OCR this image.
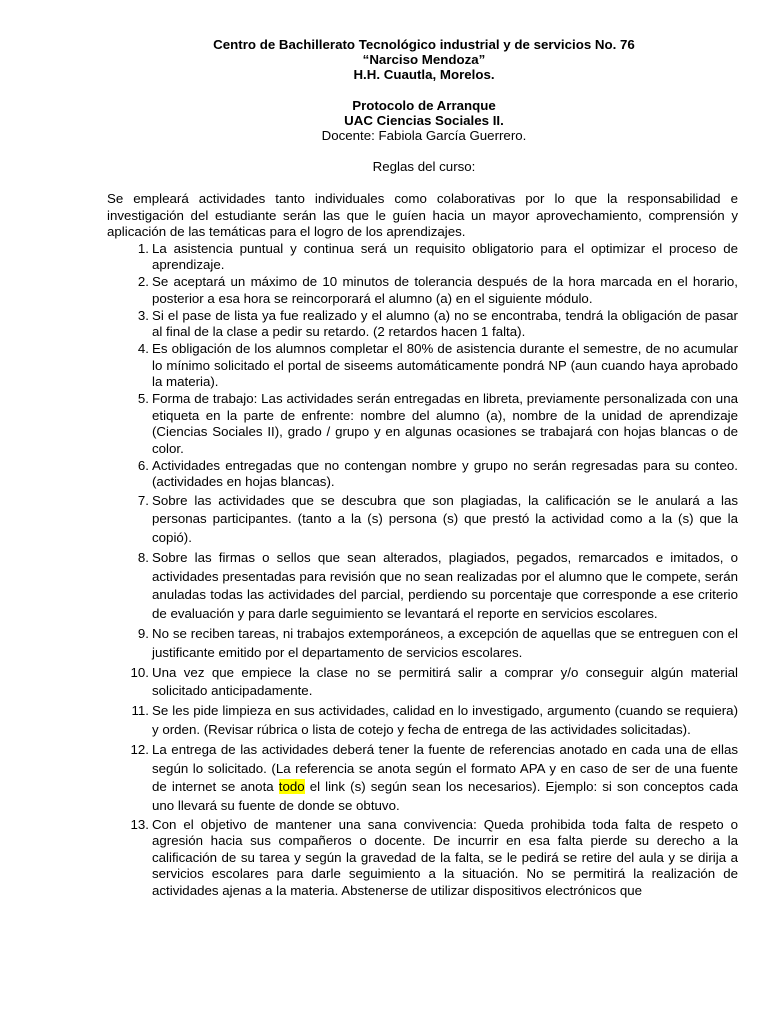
Centro de Bachillerato Tecnológico industrial y de servicios No. 76
“Narciso Mendoza”
H.H. Cuautla, Morelos.
Protocolo de Arranque
UAC Ciencias Sociales II.
Docente: Fabiola García Guerrero.
Reglas del curso:
Se empleará actividades tanto individuales como colaborativas por lo que la responsabilidad e investigación del estudiante serán las que le guíen hacia un mayor aprovechamiento, comprensión y aplicación de las temáticas para el logro de los aprendizajes.
1. La asistencia puntual y continua será un requisito obligatorio para el optimizar el proceso de aprendizaje.
2. Se aceptará un máximo de 10 minutos de tolerancia después de la hora marcada en el horario, posterior a esa hora se reincorporará el alumno (a) en el siguiente módulo.
3. Si el pase de lista ya fue realizado y el alumno (a) no se encontraba, tendrá la obligación de pasar al final de la clase a pedir su retardo. (2 retardos hacen 1 falta).
4. Es obligación de los alumnos completar el 80% de asistencia durante el semestre, de no acumular lo mínimo solicitado el portal de siseems automáticamente pondrá NP (aun cuando haya aprobado la materia).
5. Forma de trabajo: Las actividades serán entregadas en libreta, previamente personalizada con una etiqueta en la parte de enfrente: nombre del alumno (a), nombre de la unidad de aprendizaje (Ciencias Sociales II), grado / grupo y en algunas ocasiones se trabajará con hojas blancas o de color.
6. Actividades entregadas que no contengan nombre y grupo no serán regresadas para su conteo.(actividades en hojas blancas).
7. Sobre las actividades que se descubra que son plagiadas, la calificación se le anulará a las personas participantes. (tanto a la (s) persona (s) que prestó la actividad como a la (s) que la copió).
8. Sobre las firmas o sellos que sean alterados, plagiados, pegados, remarcados e imitados, o actividades presentadas para revisión que no sean realizadas por el alumno que le compete, serán anuladas todas las actividades del parcial, perdiendo su porcentaje que corresponde a ese criterio de evaluación y para darle seguimiento se levantará el reporte en servicios escolares.
9. No se reciben tareas, ni trabajos extemporáneos, a excepción de aquellas que se entreguen con el justificante emitido por el departamento de servicios escolares.
10. Una vez que empiece la clase no se permitirá salir a comprar y/o conseguir algún material solicitado anticipadamente.
11. Se les pide limpieza en sus actividades, calidad en lo investigado, argumento (cuando se requiera) y orden. (Revisar rúbrica o lista de cotejo y fecha de entrega de las actividades solicitadas).
12. La entrega de las actividades deberá tener la fuente de referencias anotado en cada una de ellas según lo solicitado. (La referencia se anota según el formato APA y en caso de ser de una fuente de internet se anota todo el link (s) según sean los necesarios). Ejemplo: si son conceptos cada uno llevará su fuente de donde se obtuvo.
13. Con el objetivo de mantener una sana convivencia: Queda prohibida toda falta de respeto o agresión hacia sus compañeros o docente. De incurrir en esa falta pierde su derecho a la calificación de su tarea y según la gravedad de la falta, se le pedirá se retire del aula y se dirija a servicios escolares para darle seguimiento a la situación. No se permitirá la realización de actividades ajenas a la materia. Abstenerse de utilizar dispositivos electrónicos que
